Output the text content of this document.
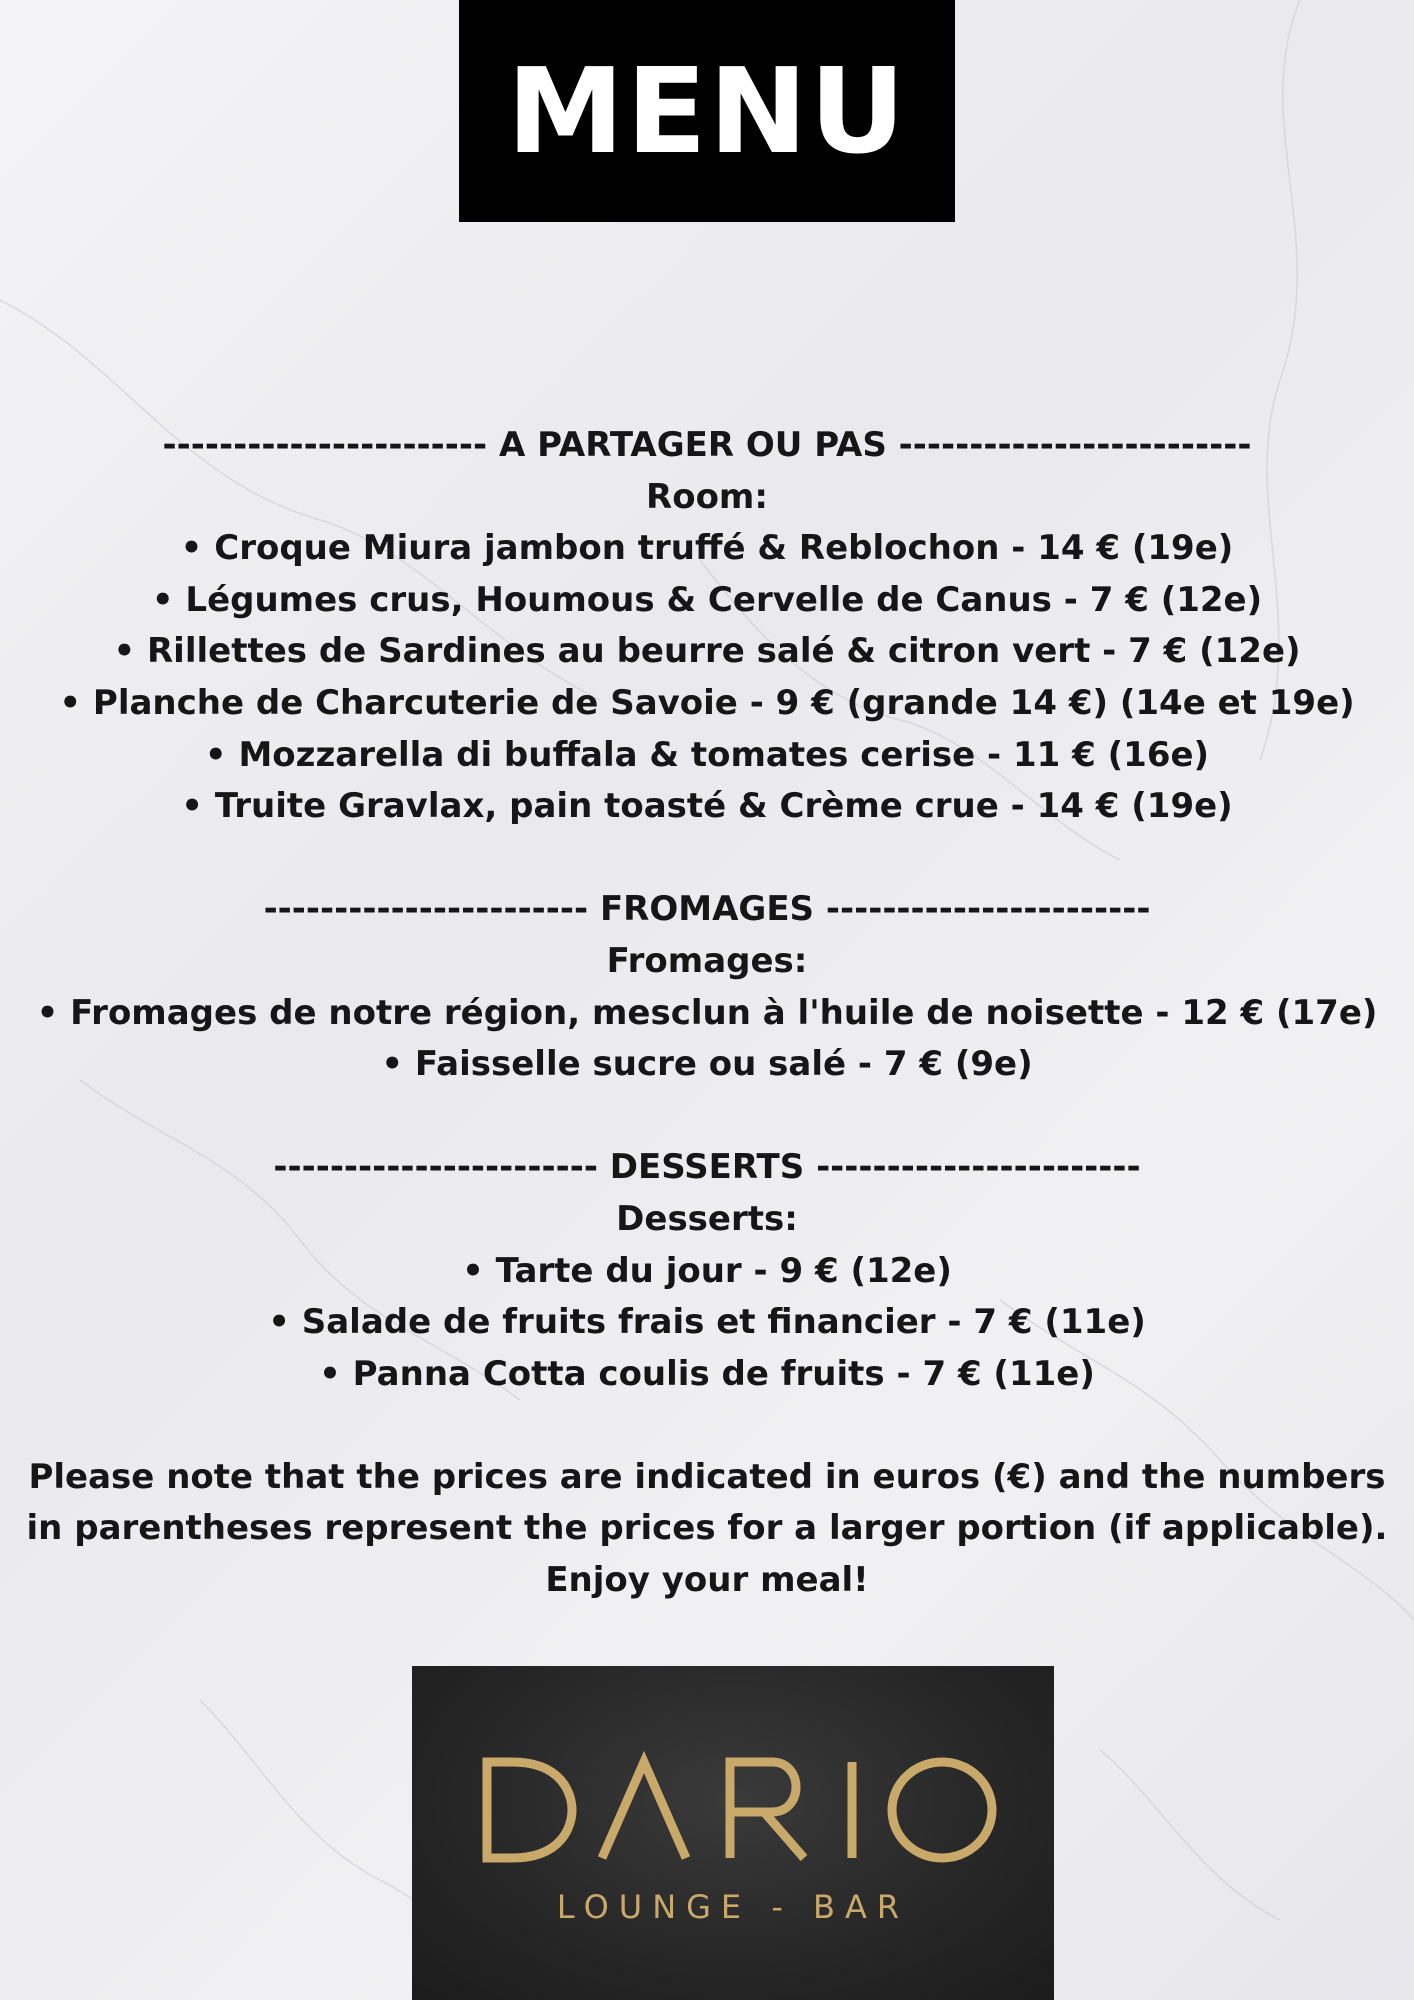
MENU
----------------------- A PARTAGER OU PAS -------------------------
Room:
• Croque Miura jambon truffé & Reblochon - 14 € (19e)
• Légumes crus, Houmous & Cervelle de Canus - 7 € (12e)
• Rillettes de Sardines au beurre salé & citron vert - 7 € (12e)
• Planche de Charcuterie de Savoie - 9 € (grande 14 €) (14e et 19e)
• Mozzarella di buffala & tomates cerise - 11 € (16e)
• Truite Gravlax, pain toasté & Crème crue - 14 € (19e)
----------------------- FROMAGES -----------------------
Fromages:
• Fromages de notre région, mesclun à l'huile de noisette - 12 € (17e)
• Faisselle sucre ou salé - 7 € (9e)
----------------------- DESSERTS -----------------------
Desserts:
• Tarte du jour - 9 € (12e)
• Salade de fruits frais et financier - 7 € (11e)
• Panna Cotta coulis de fruits - 7 € (11e)
Please note that the prices are indicated in euros (€) and the numbers in parentheses represent the prices for a larger portion (if applicable). Enjoy your meal!
LOUNGE - BAR
